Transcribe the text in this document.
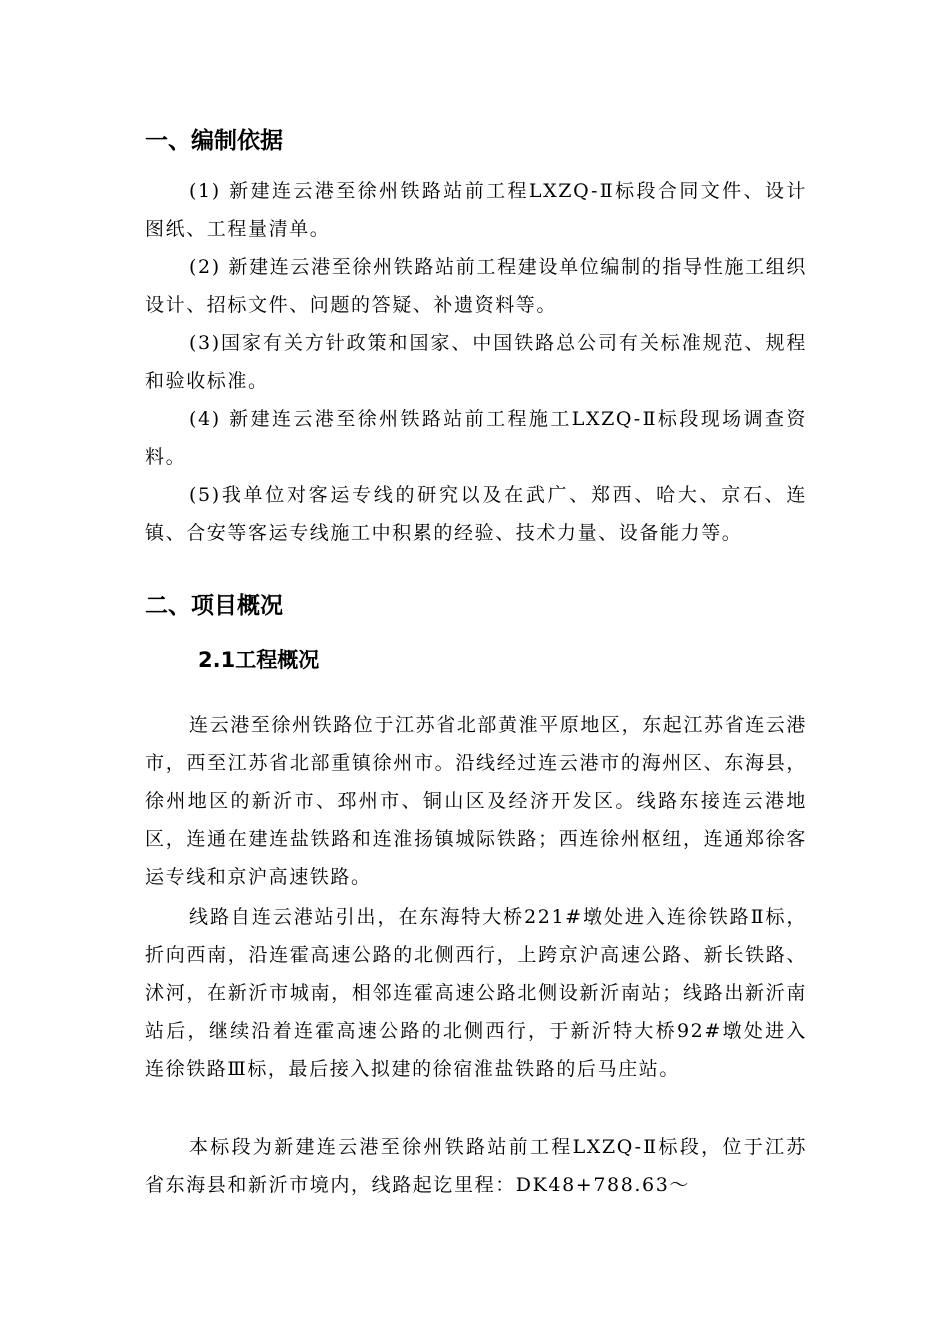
一、编制依据

(1) 新建连云港至徐州铁路站前工程LXZQ-Ⅱ标段合同文件、设计图纸、工程量清单。

(2) 新建连云港至徐州铁路站前工程建设单位编制的指导性施工组织设计、招标文件、问题的答疑、补遗资料等。

(3)国家有关方针政策和国家、中国铁路总公司有关标准规范、规程和验收标准。

(4) 新建连云港至徐州铁路站前工程施工LXZQ-Ⅱ标段现场调查资料。

(5)我单位对客运专线的研究以及在武广、郑西、哈大、京石、连镇、合安等客运专线施工中积累的经验、技术力量、设备能力等。

二、项目概况
2.1工程概况

连云港至徐州铁路位于江苏省北部黄淮平原地区，东起江苏省连云港市，西至江苏省北部重镇徐州市。沿线经过连云港市的海州区、东海县，徐州地区的新沂市、邳州市、铜山区及经济开发区。线路东接连云港地区，连通在建连盐铁路和连淮扬镇城际铁路；西连徐州枢纽，连通郑徐客运专线和京沪高速铁路。

线路自连云港站引出，在东海特大桥221#墩处进入连徐铁路Ⅱ标，折向西南，沿连霍高速公路的北侧西行，上跨京沪高速公路、新长铁路、沭河，在新沂市城南，相邻连霍高速公路北侧设新沂南站；线路出新沂南站后，继续沿着连霍高速公路的北侧西行，于新沂特大桥92#墩处进入连徐铁路Ⅲ标，最后接入拟建的徐宿淮盐铁路的后马庄站。

本标段为新建连云港至徐州铁路站前工程LXZQ-Ⅱ标段，位于江苏省东海县和新沂市境内，线路起讫里程：DK48+788.63～
